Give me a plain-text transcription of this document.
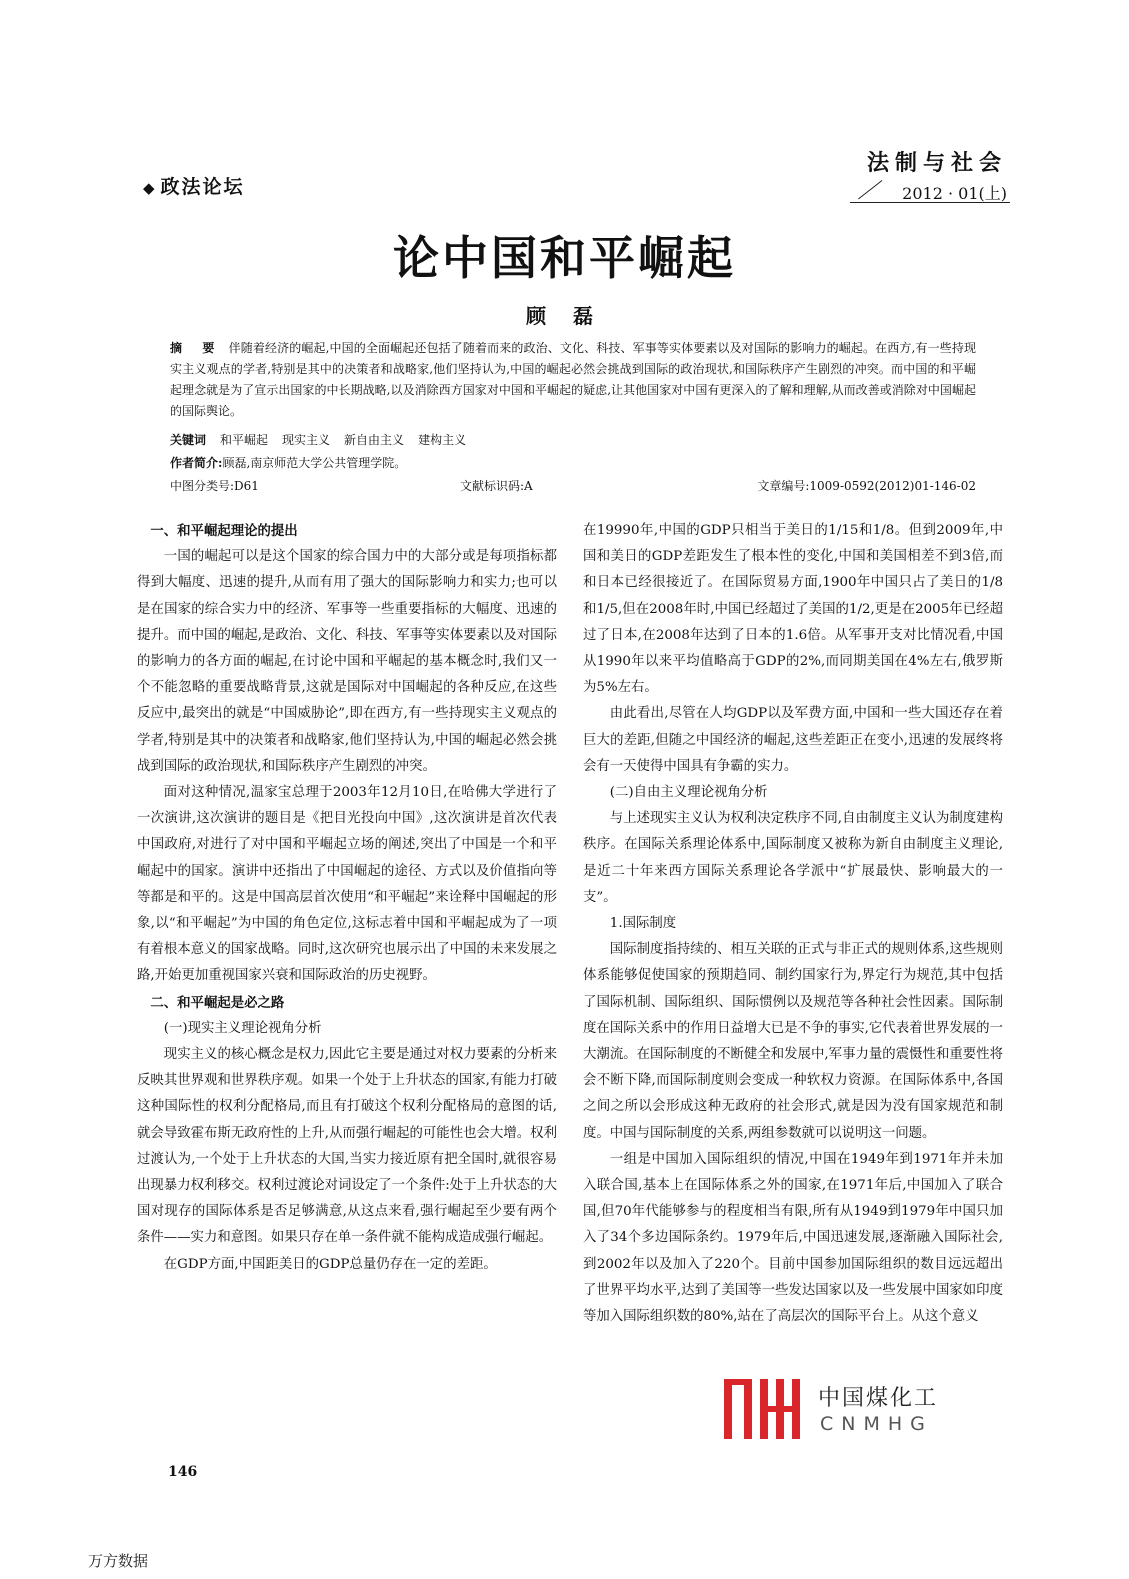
◆ 政法论坛
法制与社会
2012 · 01(上)
论中国和平崛起
顾 磊
摘 要 伴随着经济的崛起,中国的全面崛起还包括了随着而来的政治、文化、科技、军事等实体要素以及对国际的影响力的崛起。在西方,有一些持现实主义观点的学者,特别是其中的决策者和战略家,他们坚持认为,中国的崛起必然会挑战到国际的政治现状,和国际秩序产生剧烈的冲突。而中国的和平崛起理念就是为了宣示出国家的中长期战略,以及消除西方国家对中国和平崛起的疑虑,让其他国家对中国有更深入的了解和理解,从而改善或消除对中国崛起的国际舆论。
关键词 和平崛起 现实主义 新自由主义 建构主义
作者简介:顾磊,南京师范大学公共管理学院。
中图分类号:D61	文献标识码:A	文章编号:1009-0592(2012)01-146-02
一、和平崛起理论的提出

一国的崛起可以是这个国家的综合国力中的大部分或是每项指标都得到大幅度、迅速的提升,从而有用了强大的国际影响力和实力;也可以是在国家的综合实力中的经济、军事等一些重要指标的大幅度、迅速的提升。而中国的崛起,是政治、文化、科技、军事等实体要素以及对国际的影响力的各方面的崛起,在讨论中国和平崛起的基本概念时,我们又一个不能忽略的重要战略背景,这就是国际对中国崛起的各种反应,在这些反应中,最突出的就是“中国威胁论”,即在西方,有一些持现实主义观点的学者,特别是其中的决策者和战略家,他们坚持认为,中国的崛起必然会挑战到国际的政治现状,和国际秩序产生剧烈的冲突。

面对这种情况,温家宝总理于2003年12月10日,在哈佛大学进行了一次演讲,这次演讲的题目是《把目光投向中国》,这次演讲是首次代表中国政府,对进行了对中国和平崛起立场的阐述,突出了中国是一个和平崛起中的国家。演讲中还指出了中国崛起的途径、方式以及价值指向等等都是和平的。这是中国高层首次使用“和平崛起”来诠释中国崛起的形象,以“和平崛起”为中国的角色定位,这标志着中国和平崛起成为了一项有着根本意义的国家战略。同时,这次研究也展示出了中国的未来发展之路,开始更加重视国家兴衰和国际政治的历史视野。

二、和平崛起是必之路
(一)现实主义理论视角分析

现实主义的核心概念是权力,因此它主要是通过对权力要素的分析来反映其世界观和世界秩序观。如果一个处于上升状态的国家,有能力打破这种国际性的权利分配格局,而且有打破这个权利分配格局的意图的话,就会导致霍布斯无政府性的上升,从而强行崛起的可能性也会大增。权利过渡认为,一个处于上升状态的大国,当实力接近原有把全国时,就很容易出现暴力权利移交。权利过渡论对词设定了一个条件:处于上升状态的大国对现存的国际体系是否足够满意,从这点来看,强行崛起至少要有两个条件——实力和意图。如果只存在单一条件就不能构成造成强行崛起。

在GDP方面,中国距美日的GDP总量仍存在一定的差距。

在19990年,中国的GDP只相当于美日的1/15和1/8。但到2009年,中国和美日的GDP差距发生了根本性的变化,中国和美国相差不到3倍,而和日本已经很接近了。在国际贸易方面,1900年中国只占了美日的1/8和1/5,但在2008年时,中国已经超过了美国的1/2,更是在2005年已经超过了日本,在2008年达到了日本的1.6倍。从军事开支对比情况看,中国从1990年以来平均值略高于GDP的2%,而同期美国在4%左右,俄罗斯为5%左右。

由此看出,尽管在人均GDP以及军费方面,中国和一些大国还存在着巨大的差距,但随之中国经济的崛起,这些差距正在变小,迅速的发展终将会有一天使得中国具有争霸的实力。

(二)自由主义理论视角分析

与上述现实主义认为权利决定秩序不同,自由制度主义认为制度建构秩序。在国际关系理论体系中,国际制度又被称为新自由制度主义理论,是近二十年来西方国际关系理论各学派中“扩展最快、影响最大的一支”。

1.国际制度

国际制度指持续的、相互关联的正式与非正式的规则体系,这些规则体系能够促使国家的预期趋同、制约国家行为,界定行为规范,其中包括了国际机制、国际组织、国际惯例以及规范等各种社会性因素。国际制度在国际关系中的作用日益增大已是不争的事实,它代表着世界发展的一大潮流。在国际制度的不断健全和发展中,军事力量的震慑性和重要性将会不断下降,而国际制度则会变成一种软权力资源。在国际体系中,各国之间之所以会形成这种无政府的社会形式,就是因为没有国家规范和制度。中国与国际制度的关系,两组参数就可以说明这一问题。

一组是中国加入国际组织的情况,中国在1949年到1971年并未加入联合国,基本上在国际体系之外的国家,在1971年后,中国加入了联合国,但70年代能够参与的程度相当有限,所有从1949到1979年中国只加入了34个多边国际条约。1979年后,中国迅速发展,逐渐融入国际社会,到2002年以及加入了220个。目前中国参加国际组织的数目远远超出了世界平均水平,达到了美国等一些发达国家以及一些发展中国家如印度等加入国际组织数的80%,站在了高层次的国际平台上。从这个意义

中国煤化工
CNMHG
146
万方数据
